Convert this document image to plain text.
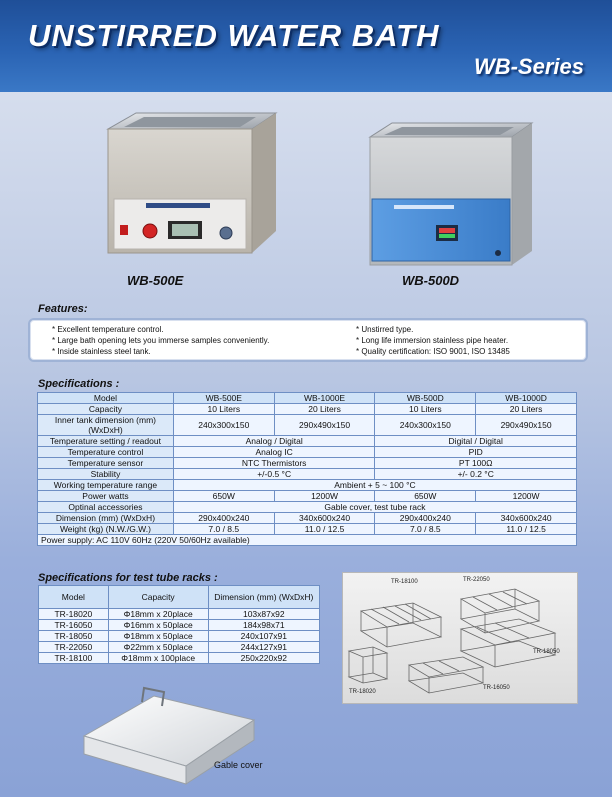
UNSTIRRED WATER BATH
WB-Series
WB-500E	WB-500D
Features:
* Excellent temperature control.
* Large bath opening lets you immerse samples conveniently.
* Inside stainless steel tank.
* Unstirred type.
* Long life immersion stainless pipe heater.
* Quality certification: ISO 9001, ISO 13485
Specifications :
Model	WB-500E	WB-1000E	WB-500D	WB-1000D
Capacity	10 Liters	20 Liters	10 Liters	20 Liters
Inner tank dimension (mm) (WxDxH)	240x300x150	290x490x150	240x300x150	290x490x150
Temperature setting / readout	Analog / Digital		Digital / Digital	
Temperature control	Analog IC		PID	
Temperature sensor	NTC Thermistors		PT 100Ω	
Stability	+/-0.5 °C		+/- 0.2 °C	
Working temperature range	Ambient + 5 ~ 100 °C			
Power watts	650W	1200W	650W	1200W
Optinal accessories	Gable cover, test tube rack			
Dimension (mm) (WxDxH)	290x400x240	340x600x240	290x400x240	340x600x240
Weight (kg) (N.W./G.W.)	7.0 / 8.5	11.0 / 12.5	7.0 / 8.5	11.0 / 12.5
Power supply: AC 110V 60Hz (220V 50/60Hz available)				
Specifications for test tube racks :
Model	Capacity	Dimension (mm) (WxDxH)
TR-18020	Φ18mm x 20place	103x87x92
TR-16050	Φ16mm x 50place	184x98x71
TR-18050	Φ18mm x 50place	240x107x91
TR-22050	Φ22mm x 50place	244x127x91
TR-18100	Φ18mm x 100place	250x220x92
TR-18100	TR-22050
TR-18050
TR-18020
TR-16050
Gable cover
